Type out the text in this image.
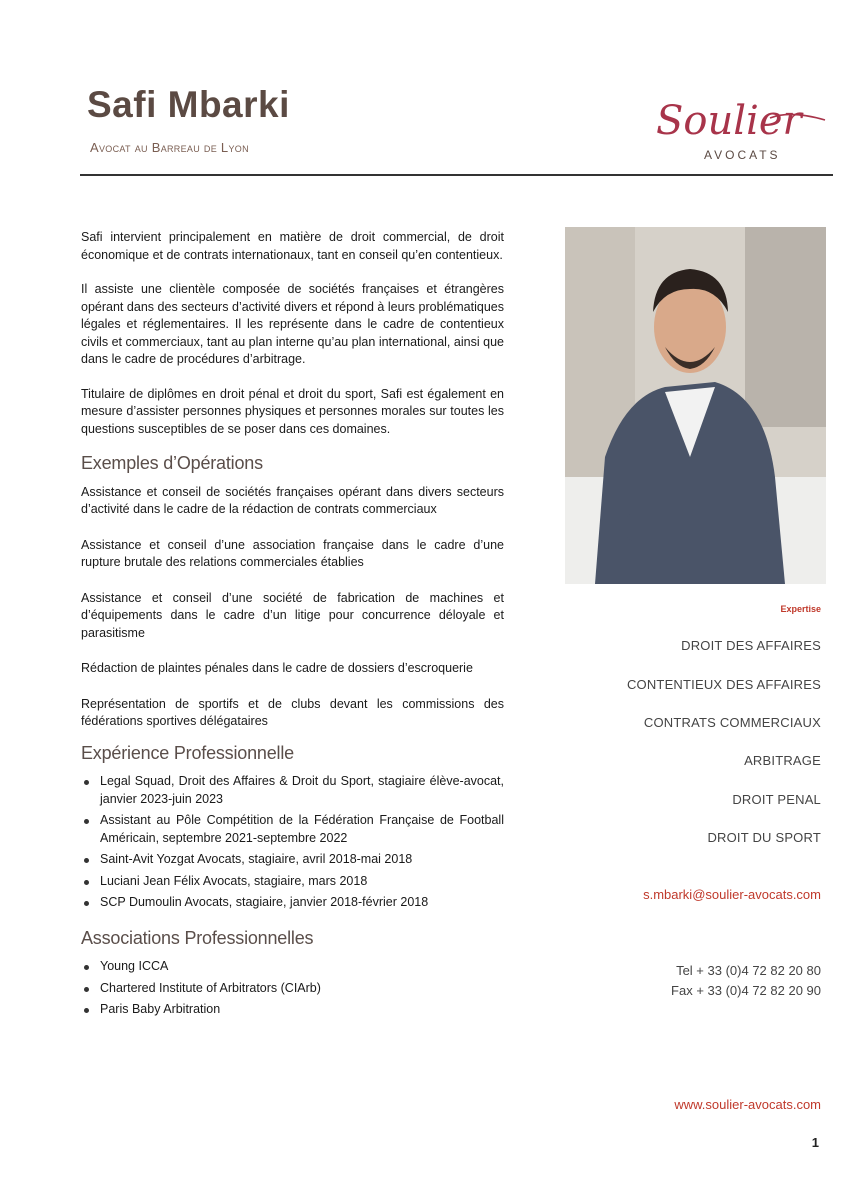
Safi Mbarki
Avocat au Barreau de Lyon
Soulier
AVOCATS

Safi intervient principalement en matière de droit commercial, de droit économique et de contrats internationaux, tant en conseil qu’en contentieux.

Il assiste une clientèle composée de sociétés françaises et étrangères opérant dans des secteurs d’activité divers et répond à leurs problématiques légales et réglementaires. Il les représente dans le cadre de contentieux civils et commerciaux, tant au plan interne qu’au plan international, ainsi que dans le cadre de procédures d’arbitrage.

Titulaire de diplômes en droit pénal et droit du sport, Safi est également en mesure d’assister personnes physiques et personnes morales sur toutes les questions susceptibles de se poser dans ces domaines.

Exemples d’Opérations

Assistance et conseil de sociétés françaises opérant dans divers secteurs d’activité dans le cadre de la rédaction de contrats commerciaux

Assistance et conseil d’une association française dans le cadre d’une rupture brutale des relations commerciales établies

Assistance et conseil d’une société de fabrication de machines et d’équipements dans le cadre d’un litige pour concurrence déloyale et parasitisme

Rédaction de plaintes pénales dans le cadre de dossiers d’escroquerie

Représentation de sportifs et de clubs devant les commissions des fédérations sportives délégataires

Expérience Professionnelle
Legal Squad, Droit des Affaires & Droit du Sport, stagiaire élève-avocat, janvier 2023-juin 2023
Assistant au Pôle Compétition de la Fédération Française de Football Américain, septembre 2021-septembre 2022
Saint-Avit Yozgat Avocats, stagiaire, avril 2018-mai 2018
Luciani Jean Félix Avocats, stagiaire, mars 2018
SCP Dumoulin Avocats, stagiaire, janvier 2018-février 2018
Associations Professionnelles
Young ICCA
Chartered Institute of Arbitrators (CIArb)
Paris Baby Arbitration
Expertise
DROIT DES AFFAIRES
CONTENTIEUX DES AFFAIRES
CONTRATS COMMERCIAUX
ARBITRAGE
DROIT PENAL
DROIT DU SPORT
s.mbarki@soulier-avocats.com
Tel + 33 (0)4 72 82 20 80
Fax + 33 (0)4 72 82 20 90
www.soulier-avocats.com
1
